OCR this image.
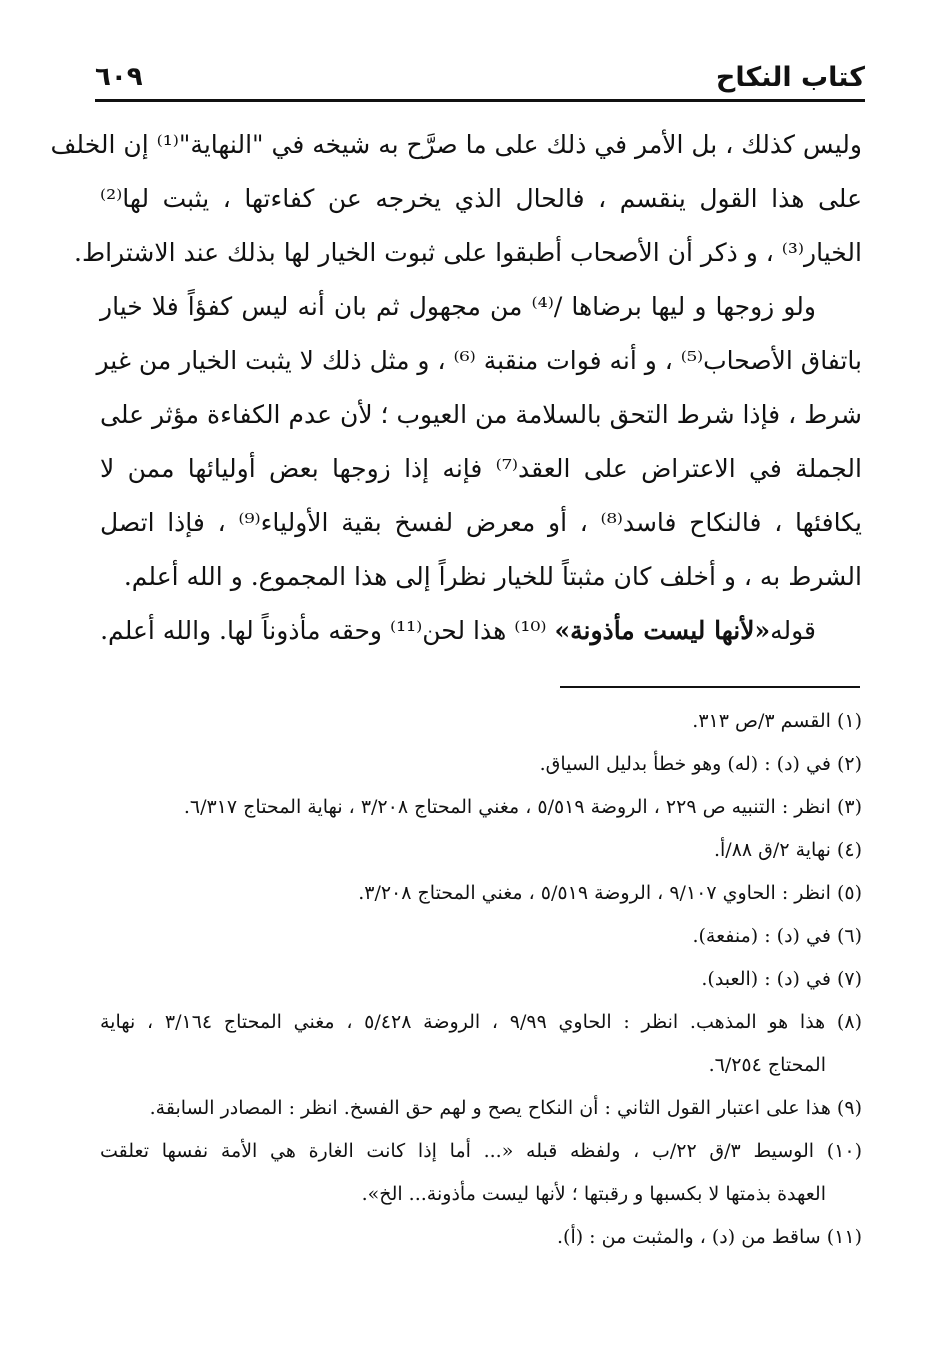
كتاب النكاح
٦٠٩
وليس كذلك ، بل الأمر في ذلك على ما صرَّح به شيخه في "النهاية"⁽¹⁾ إن الخلف
على هذا القول ينقسم ، فالحال الذي يخرجه عن كفاءتها ، يثبت لها⁽²⁾
الخيار⁽³⁾ ، و ذكر أن الأصحاب أطبقوا على ثبوت الخيار لها بذلك عند الاشتراط.
ولو زوجها و ليها برضاها /⁽⁴⁾ من مجهول ثم بان أنه ليس كفؤاً فلا خيار
باتفاق الأصحاب⁽⁵⁾ ، و أنه فوات منقبة ⁽⁶⁾ ، و مثل ذلك لا يثبت الخيار من غير
شرط ، فإذا شرط التحق بالسلامة من العيوب ؛ لأن عدم الكفاءة مؤثر على
الجملة في الاعتراض على العقد⁽⁷⁾ فإنه إذا زوجها بعض أوليائها ممن لا
يكافئها ، فالنكاح فاسد⁽⁸⁾ ، أو معرض لفسخ بقية الأولياء⁽⁹⁾ ، فإذا اتصل
الشرط به ، و أخلف كان مثبتاً للخيار نظراً إلى هذا المجموع. و الله أعلم.
قوله«لأنها ليست مأذونة» ⁽¹⁰⁾ هذا لحن⁽¹¹⁾ وحقه مأذوناً لها. والله أعلم.
(١) القسم ٣/ص ٣١٣.
(٢) في (د) : (له) وهو خطأ بدليل السياق.
(٣) انظر : التنبيه ص ٢٢٩ ، الروضة ٥/٥١٩ ، مغني المحتاج ٣/٢٠٨ ، نهاية المحتاج ٦/٣١٧.
(٤) نهاية ٢/ق ٨٨/أ.
(٥) انظر : الحاوي ٩/١٠٧ ، الروضة ٥/٥١٩ ، مغني المحتاج ٣/٢٠٨.
(٦) في (د) : (منفعة).
(٧) في (د) : (العبد).
(٨) هذا هو المذهب. انظر : الحاوي ٩/٩٩ ، الروضة ٥/٤٢٨ ، مغني المحتاج ٣/١٦٤ ، نهاية
المحتاج ٦/٢٥٤.
(٩) هذا على اعتبار القول الثاني : أن النكاح يصح و لهم حق الفسخ. انظر : المصادر السابقة.
(١٠) الوسيط ٣/ق ٢٢/ب ، ولفظه قبله «... أما إذا كانت الغارة هي الأمة نفسها تعلقت
العهدة بذمتها لا بكسبها و رقبتها ؛ لأنها ليست مأذونة... الخ».
(١١) ساقط من (د) ، والمثبت من : (أ).
